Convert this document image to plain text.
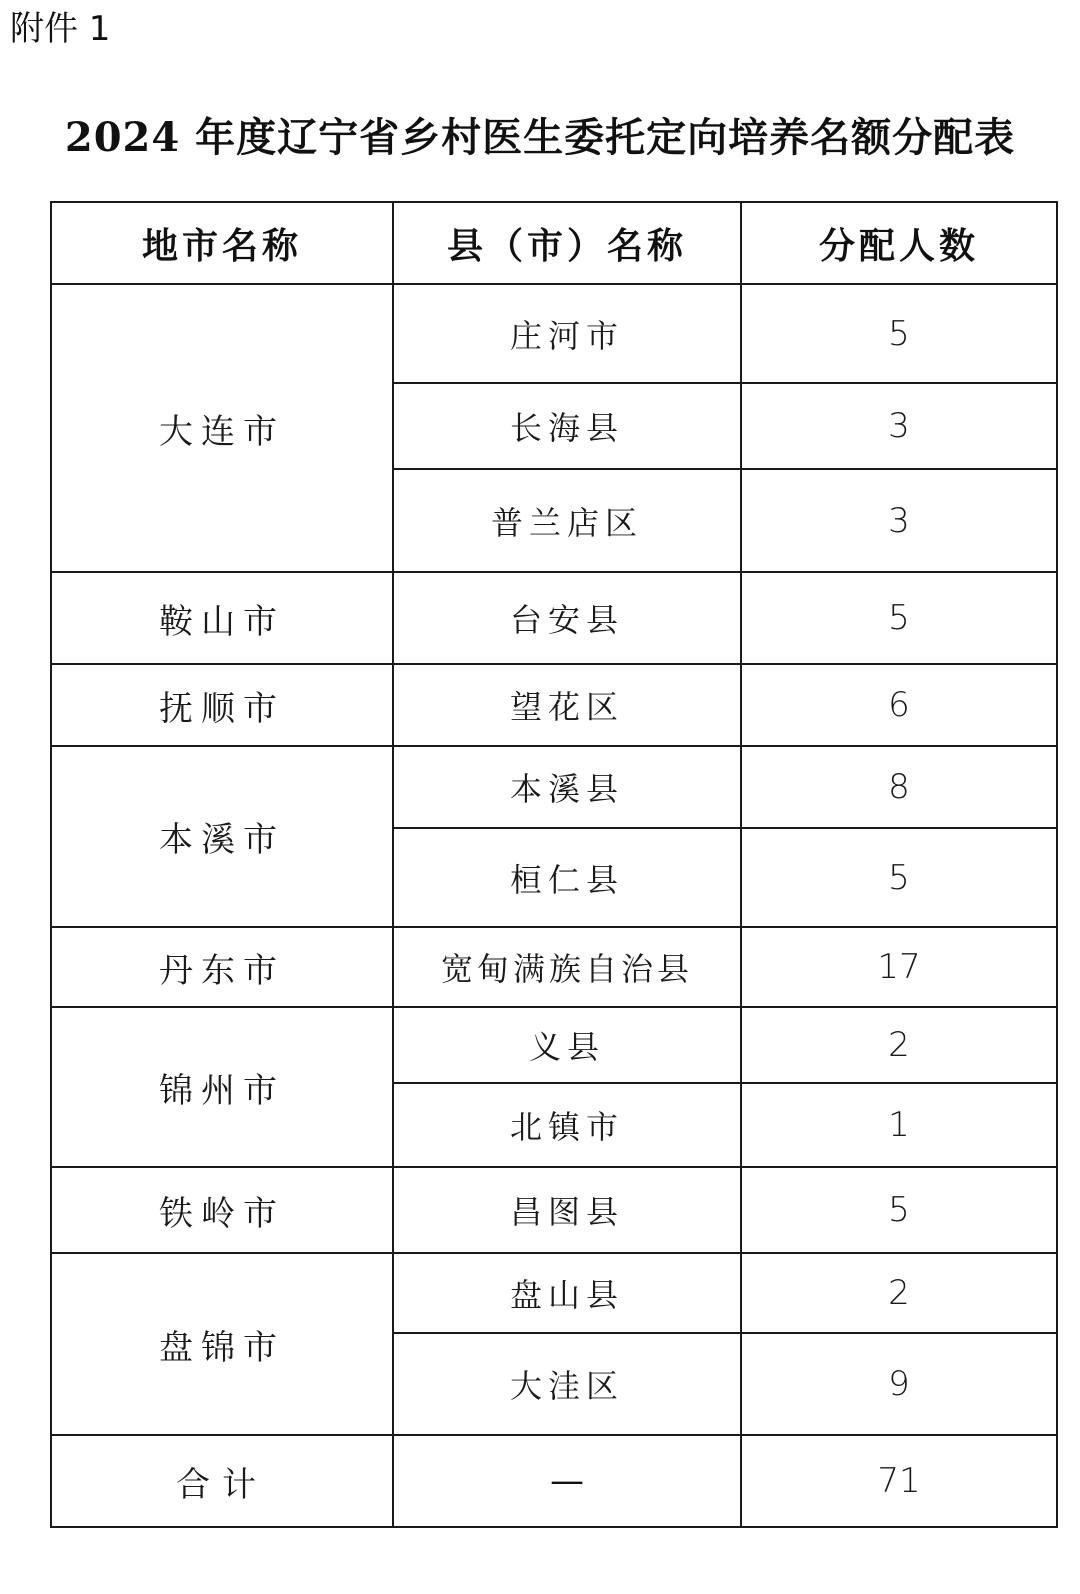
附件 1
2024 年度辽宁省乡村医生委托定向培养名额分配表
地市名称	县（市）名称	分配人数
大连市	庄河市	5
	长海县	3
	普兰店区	3
鞍山市	台安县	5
抚顺市	望花区	6
本溪市	本溪县	8
	桓仁县	5
丹东市	宽甸满族自治县	17
锦州市	义县	2
	北镇市	1
铁岭市	昌图县	5
盘锦市	盘山县	2
	大洼区	9
合计	—	71
